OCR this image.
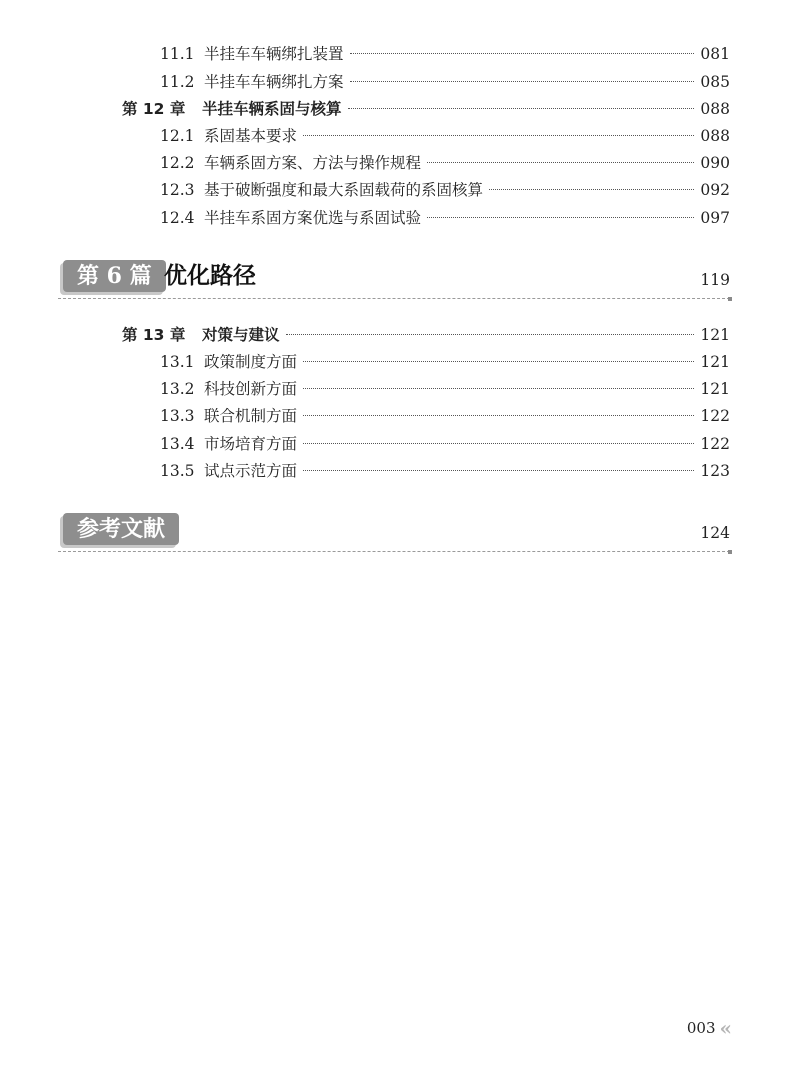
11.1 半挂车车辆绑扎装置	081
11.2 半挂车车辆绑扎方案	085
第 12 章	半挂车辆系固与核算	088
12.1 系固基本要求	088
12.2 车辆系固方案、方法与操作规程	090
12.3 基于破断强度和最大系固载荷的系固核算	092
12.4 半挂车系固方案优选与系固试验	097
第 6 篇 优化路径	119
第 13 章	对策与建议	121
13.1 政策制度方面	121
13.2 科技创新方面	121
13.3 联合机制方面	122
13.4 市场培育方面	122
13.5 试点示范方面	123
参考文献	124
003 «
